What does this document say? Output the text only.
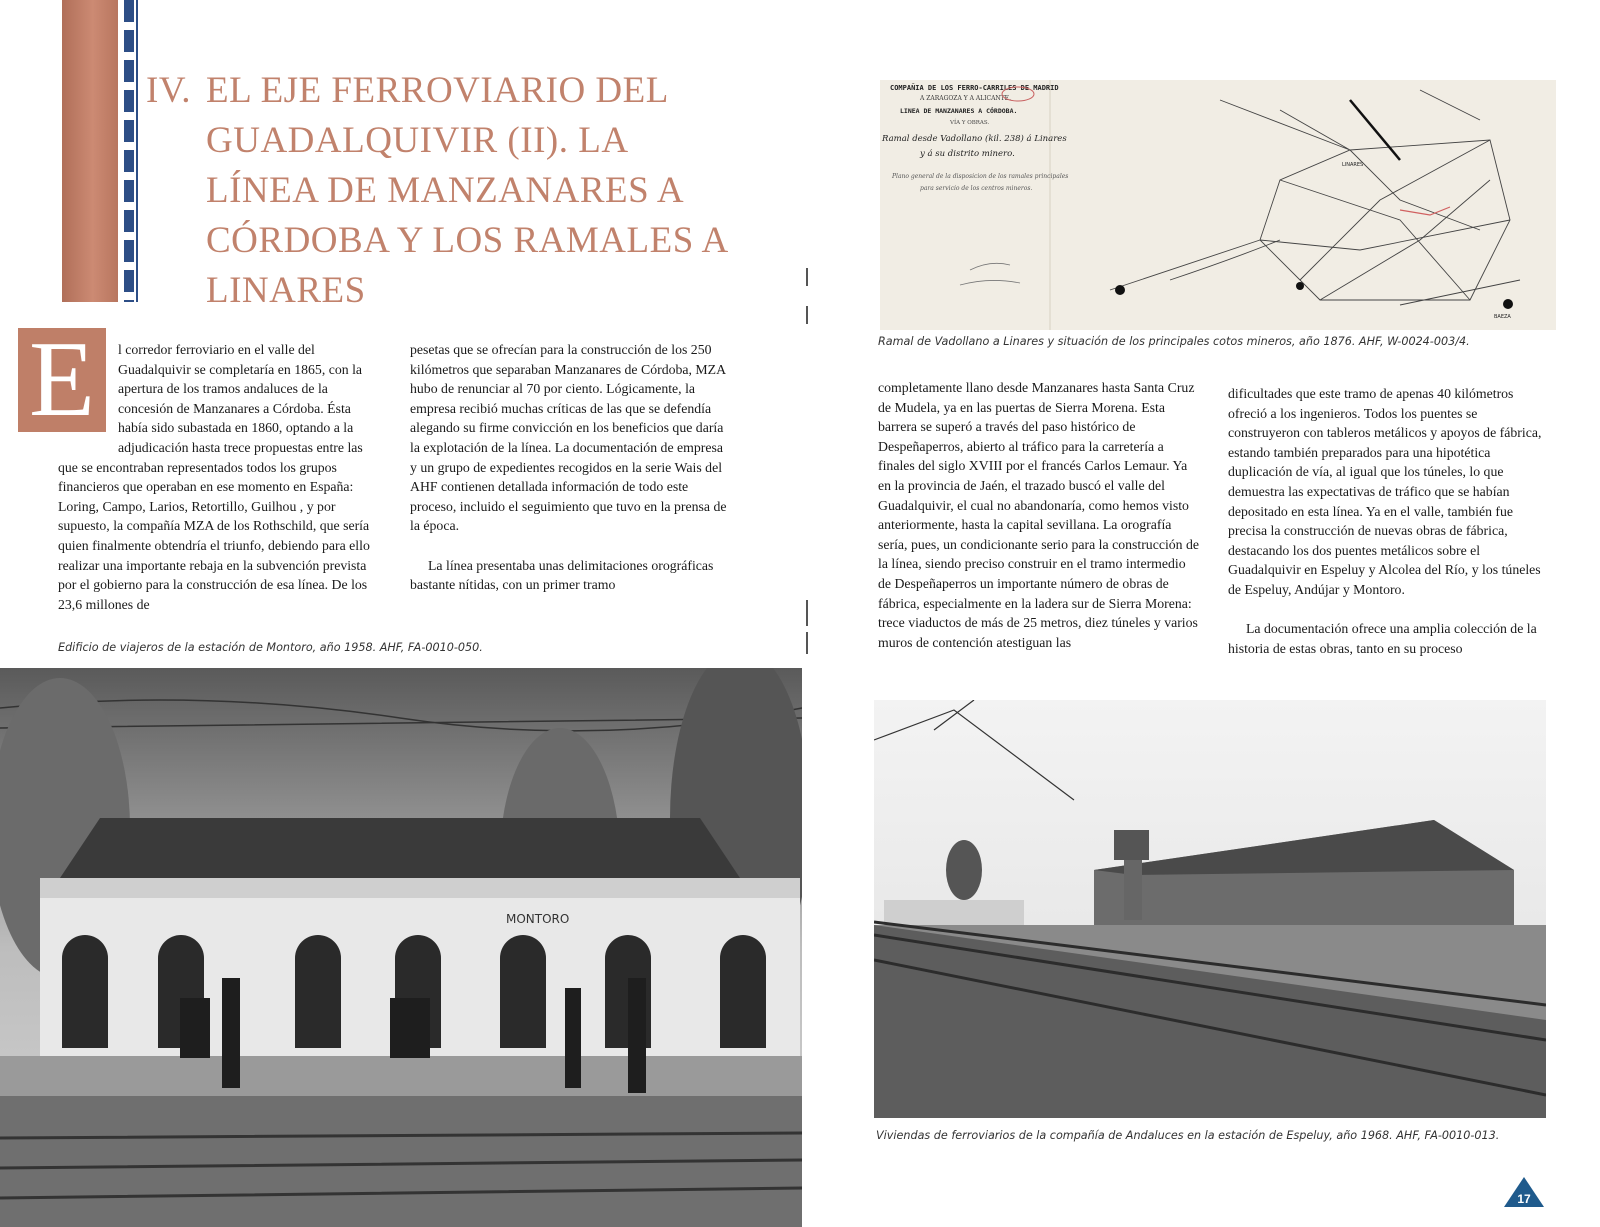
IV. EL EJE FERROVIARIO DEL GUADALQUIVIR (II). LA LÍNEA DE MANZANARES A CÓRDOBA Y LOS RAMALES A LINARES
E	l corredor ferroviario en el valle del Guadalquivir se completaría en 1865, con la apertura de los tramos andaluces de la concesión de Manzanares a Córdoba. Ésta había sido subastada en 1860, optando a la adjudicación hasta trece propuestas entre las que se encontraban representados todos los grupos financieros que operaban en ese momento en España: Loring, Campo, Larios, Retortillo, Guilhou , y por supuesto, la compañía MZA de los Rothschild, que sería quien finalmente obtendría el triunfo, debiendo para ello realizar una importante rebaja en la subvención prevista por el gobierno para la construcción de esa línea. De los 23,6 millones de

pesetas que se ofrecían para la construcción de los 250 kilómetros que separaban Manzanares de Córdoba, MZA hubo de renunciar al 70 por ciento. Lógicamente, la empresa recibió muchas críticas de las que se defendía alegando su firme convicción en los beneficios que daría la explotación de la línea. La documentación de empresa y un grupo de expedientes recogidos en la serie Wais del AHF contienen detallada información de todo este proceso, incluido el seguimiento que tuvo en la prensa de la época.

La línea presentaba unas delimitaciones orográficas bastante nítidas, con un primer tramo

completamente llano desde Manzanares hasta Santa Cruz de Mudela, ya en las puertas de Sierra Morena. Esta barrera se superó a través del paso histórico de Despeñaperros, abierto al tráfico para la carretería a finales del siglo XVIII por el francés Carlos Lemaur. Ya en la provincia de Jaén, el trazado buscó el valle del Guadalquivir, el cual no abandonaría, como hemos visto anteriormente, hasta la capital sevillana. La orografía sería, pues, un condicionante serio para la construcción de la línea, siendo preciso construir en el tramo intermedio de Despeñaperros un importante número de obras de fábrica, especialmente en la ladera sur de Sierra Morena: trece viaductos de más de 25 metros, diez túneles y varios muros de contención atestiguan las

dificultades que este tramo de apenas 40 kilómetros ofreció a los ingenieros. Todos los puentes se construyeron con tableros metálicos y apoyos de fábrica, estando también preparados para una hipotética duplicación de vía, al igual que los túneles, lo que demuestra las expectativas de tráfico que se habían depositado en esta línea. Ya en el valle, también fue precisa la construcción de nuevas obras de fábrica, destacando los dos puentes metálicos sobre el Guadalquivir en Espeluy y Alcolea del Río, y los túneles de Espeluy, Andújar y Montoro.

La documentación ofrece una amplia colección de la historia de estas obras, tanto en su proceso

COMPAÑIA DE LOS FERRO-CARRILES DE MADRID
A ZARAGOZA Y A ALICANTE.
LINEA DE MANZANARES A CÓRDOBA.
VÍA Y OBRAS.
Ramal desde Vadollano (kil. 238) á Linares
y á su distrito minero.
Plano general de la disposicion de los ramales principales
para servicio de los centros mineros.
LINARES
BAEZA
Ramal de Vadollano a Linares y situación de los principales cotos mineros, año 1876. AHF, W-0024-003/4.
Edificio de viajeros de la estación de Montoro, año 1958. AHF, FA-0010-050.
MONTORO
Viviendas de ferroviarios de la compañía de Andaluces en la estación de Espeluy, año 1968. AHF, FA-0010-013.
17
